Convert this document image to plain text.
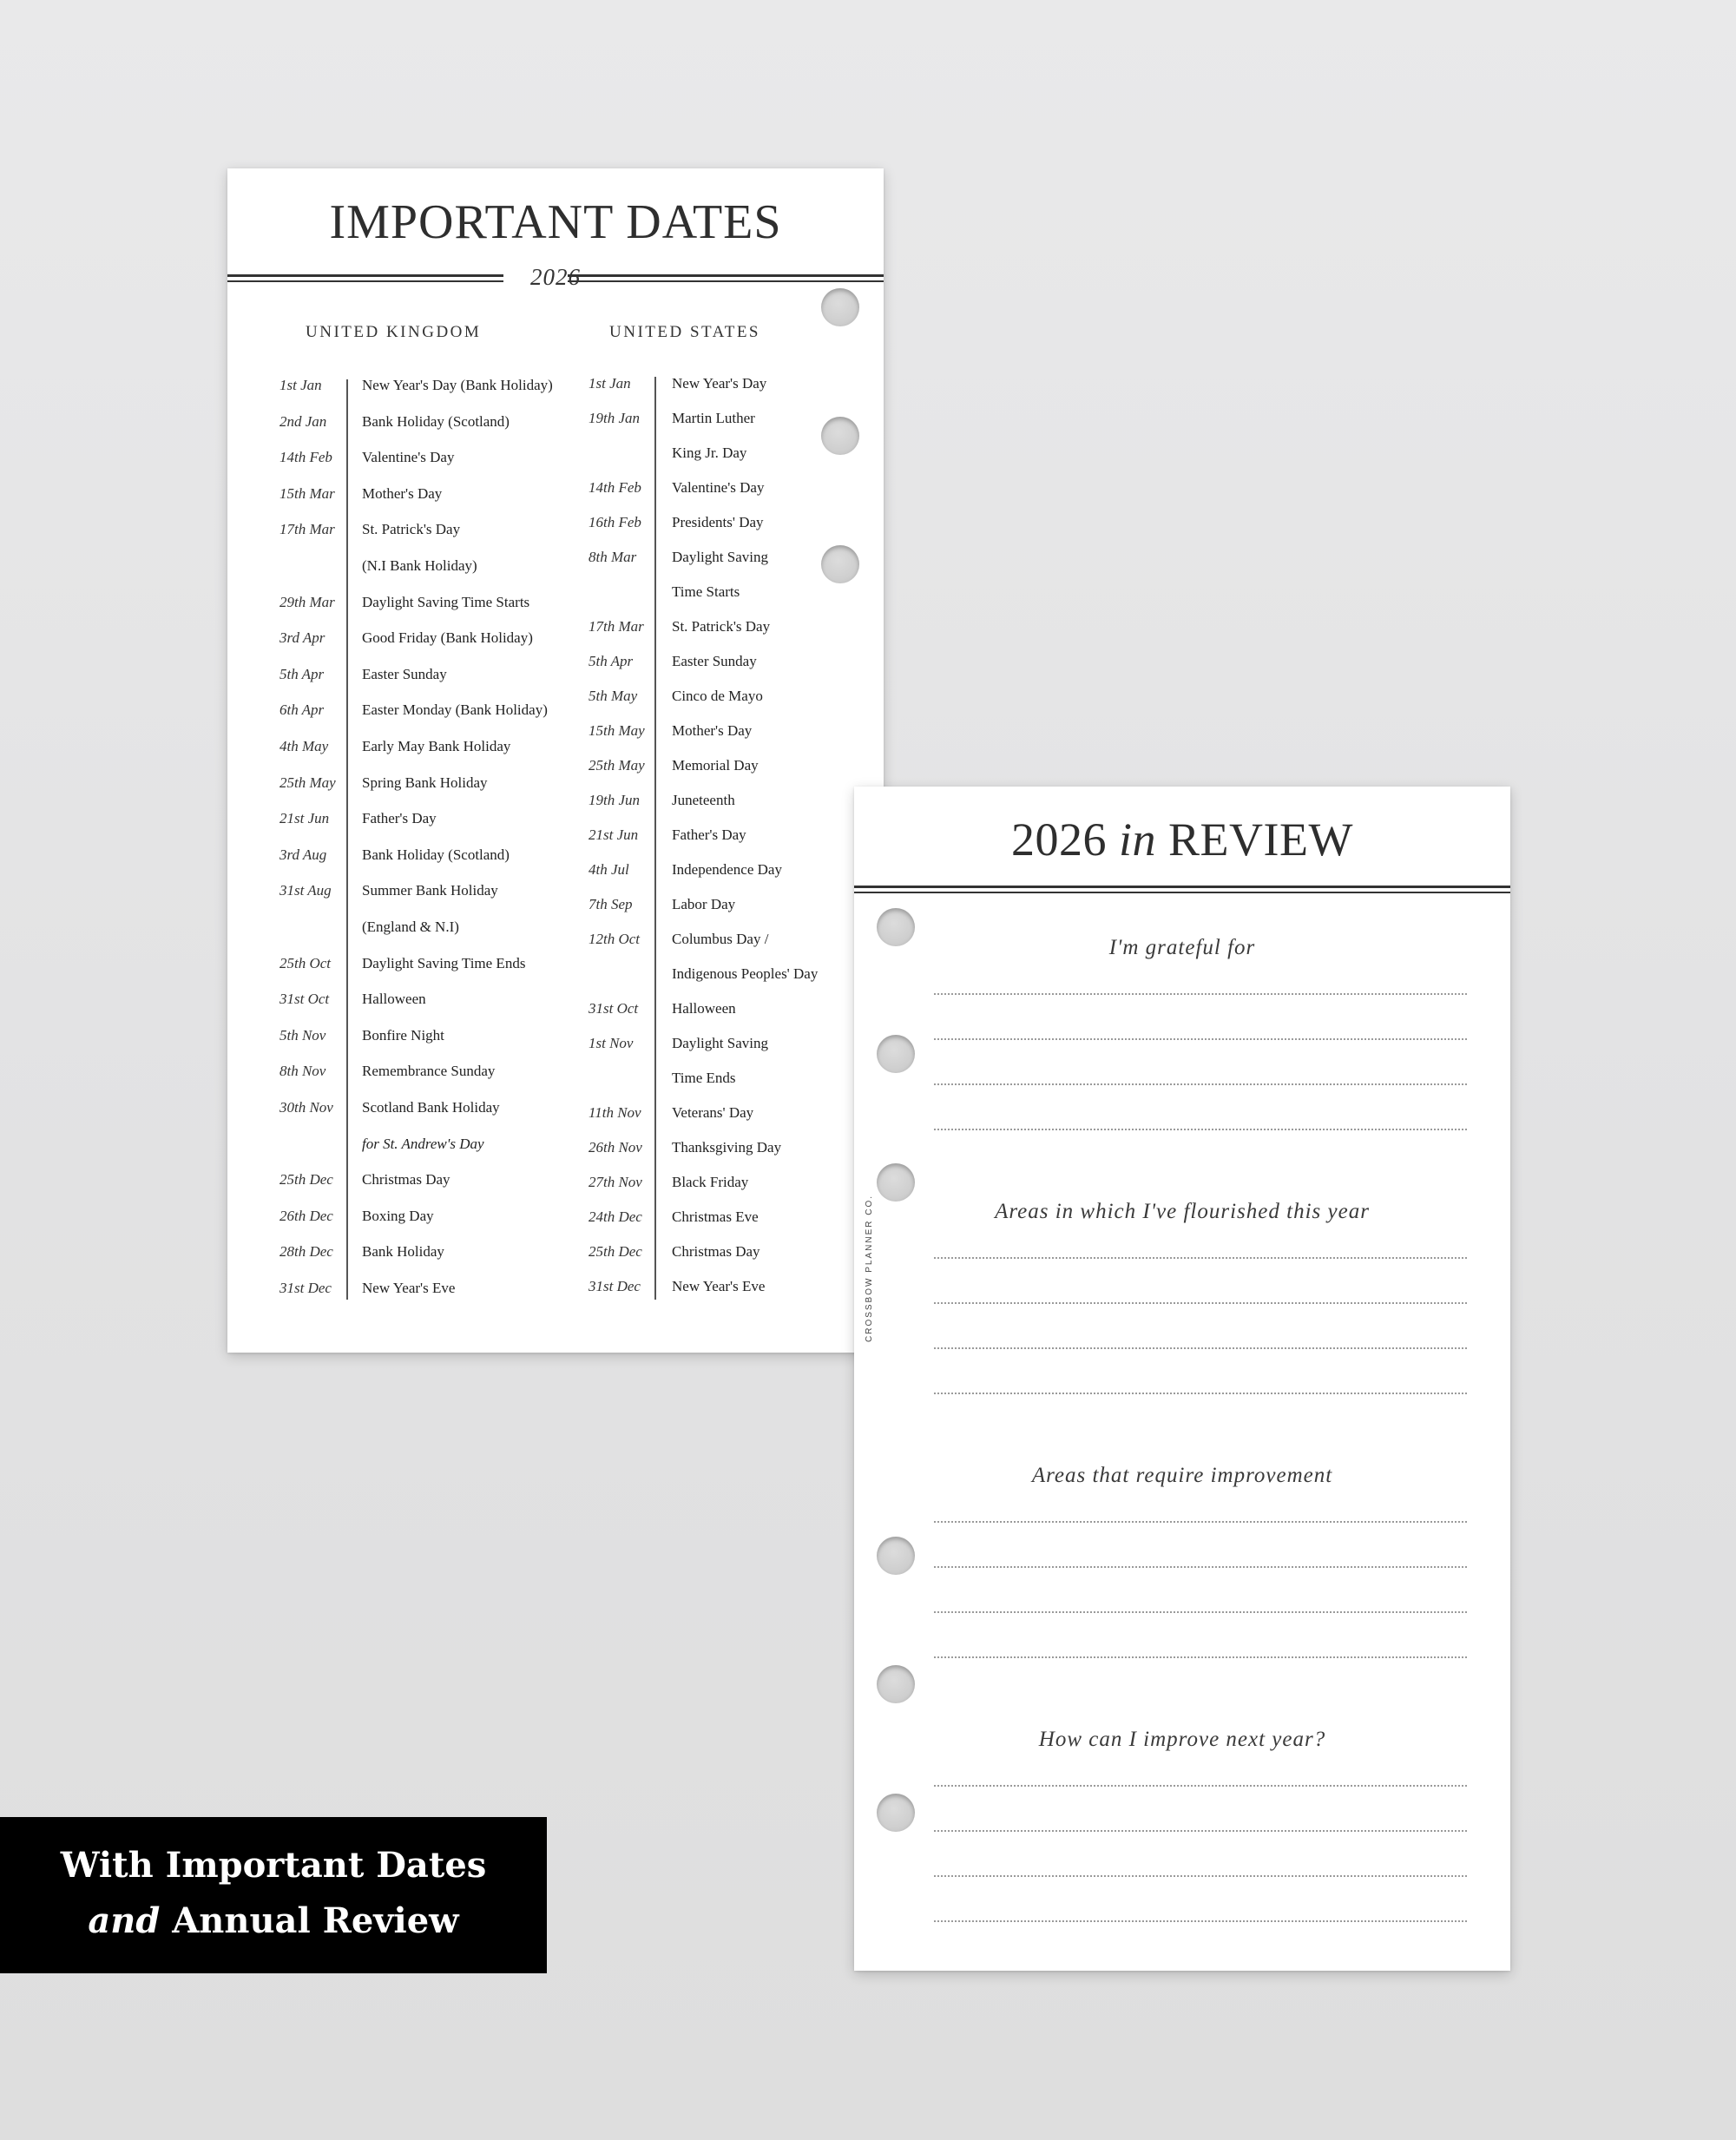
IMPORTANT DATES
2026
UNITED KINGDOM	UNITED STATES
1st Jan	New Year's Day (Bank Holiday)
2nd Jan Bank Holiday (Scotland)
14th Feb Valentine's Day
15th Mar Mother's Day
17th Mar St. Patrick's Day
(N.I Bank Holiday)
29th Mar Daylight Saving Time Starts
3rd Apr	Good Friday (Bank Holiday)
5th Apr	Easter Sunday
6th Apr	Easter Monday (Bank Holiday)
4th May Early May Bank Holiday
25th May Spring Bank Holiday
21st Jun Father's Day
3rd Aug Bank Holiday (Scotland)
31st Aug Summer Bank Holiday
(England & N.I)
25th Oct Daylight Saving Time Ends
31st Oct Halloween
5th Nov Bonfire Night
8th Nov Remembrance Sunday
30th Nov Scotland Bank Holiday
for St. Andrew's Day
25th Dec Christmas Day
26th Dec Boxing Day
28th Dec Bank Holiday
31st Dec New Year's Eve
1st Jan	New Year's Day
19th Jan Martin Luther
King Jr. Day
14th Feb Valentine's Day
16th Feb Presidents' Day
8th Mar Daylight Saving
Time Starts
17th Mar St. Patrick's Day
5th Apr	Easter Sunday
5th May Cinco de Mayo
15th May Mother's Day
25th May Memorial Day
19th Jun Juneteenth
21st Jun Father's Day
4th Jul	Independence Day
7th Sep	Labor Day
12th Oct Columbus Day /
Indigenous Peoples' Day
31st Oct Halloween
1st Nov	Daylight Saving
Time Ends
11th Nov Veterans' Day
26th Nov Thanksgiving Day
27th Nov Black Friday
24th Dec Christmas Eve
25th Dec Christmas Day
31st Dec New Year's Eve
2026 in REVIEW
CROSSBOW PLANNER CO.
I'm grateful for
Areas in which I've flourished this year
Areas that require improvement
How can I improve next year?
With Important Dates
and Annual Review
